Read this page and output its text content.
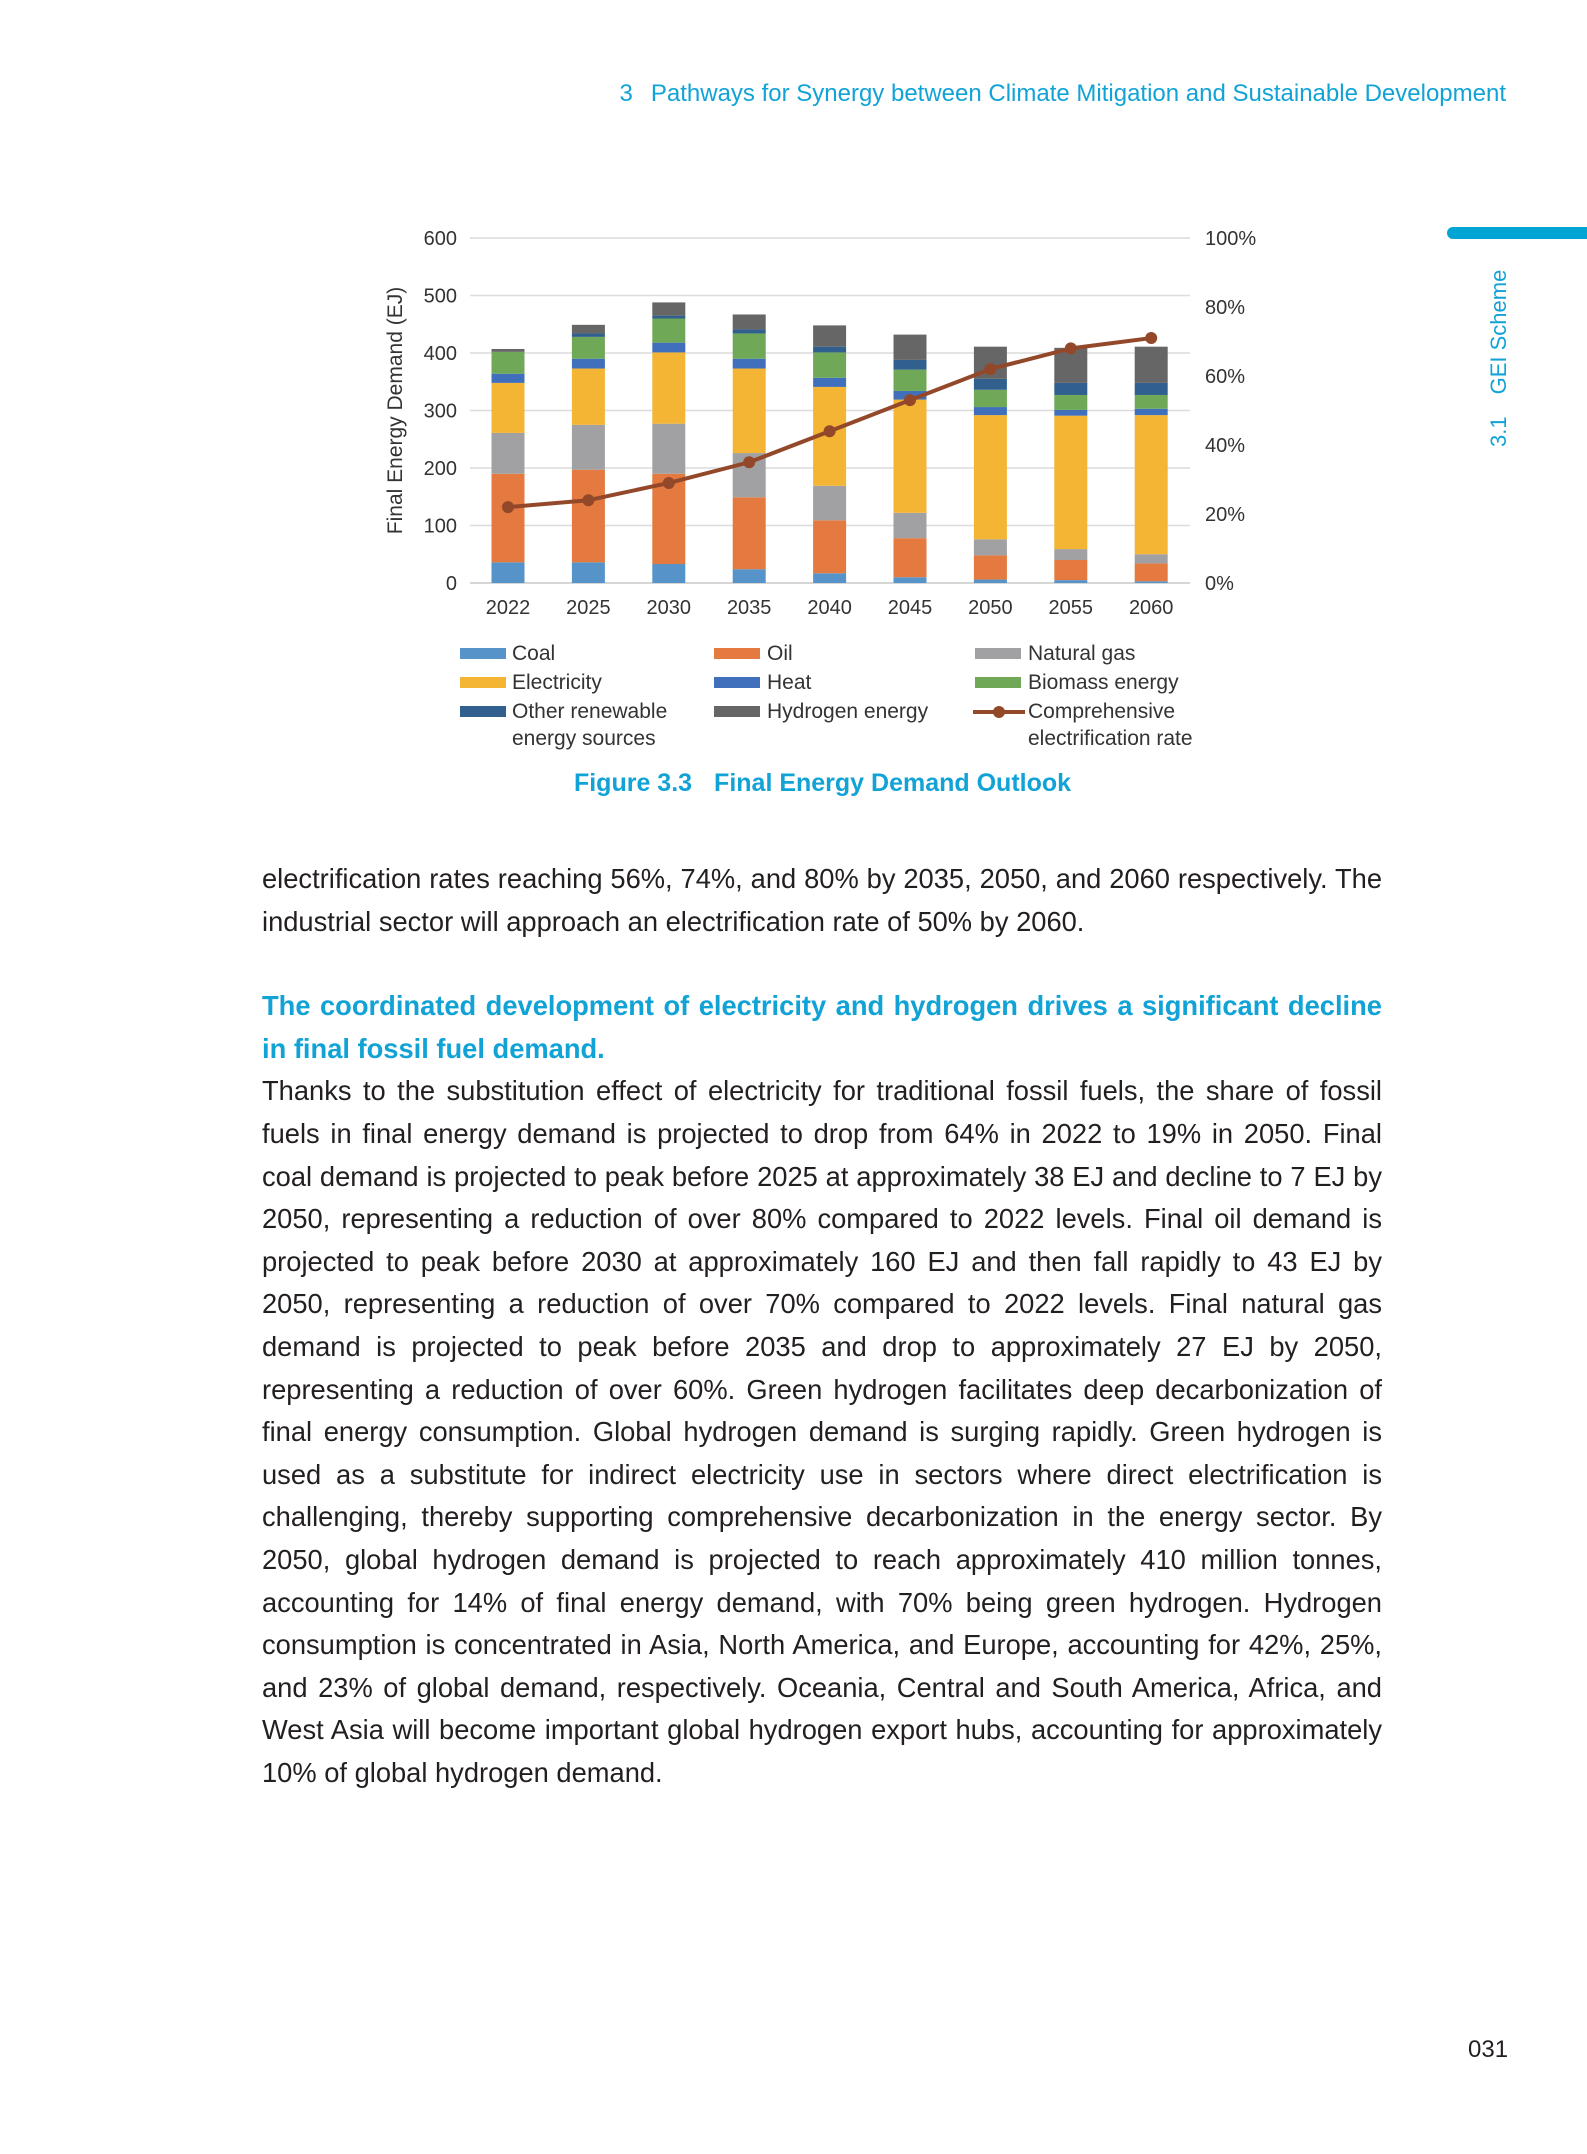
3 Pathways for Synergy between Climate Mitigation and Sustainable Development
3.1GEI Scheme
0
100
200
300
400
500
600
0%
20%
40%
60%
80%
100%
Final Energy Demand (EJ)
2022 2025 2030 2035 2040 2045 2050 2055 2060
Coal	Oil	Natural gas
Electricity	Heat	Biomass energy
Other renewable
energy sources
Hydrogen energy	Comprehensive
electrification rate
Figure 3.3 Final Energy Demand Outlook

electrification rates reaching 56%, 74%, and 80% by 2035, 2050, and 2060 respectively. The industrial sector will approach an electrification rate of 50% by 2060.

The coordinated development of electricity and hydrogen drives a significant decline in final fossil fuel demand.
Thanks to the substitution effect of electricity for traditional fossil fuels, the share of fossil fuels in final energy demand is projected to drop from 64% in 2022 to 19% in 2050. Final coal demand is projected to peak before 2025 at approximately 38 EJ and decline to 7 EJ by 2050, representing a reduction of over 80% compared to 2022 levels. Final oil demand is projected to peak before 2030 at approximately 160 EJ and then fall rapidly to 43 EJ by 2050, representing a reduction of over 70% compared to 2022 levels. Final natural gas demand is projected to peak before 2035 and drop to approximately 27 EJ by 2050, representing a reduction of over 60%. Green hydrogen facilitates deep decarbonization of final energy consumption. Global hydrogen demand is surging rapidly. Green hydrogen is used as a substitute for indirect electricity use in sectors where direct electrification is challenging, thereby supporting comprehensive decarbonization in the energy sector. By 2050, global hydrogen demand is projected to reach approximately 410 million tonnes, accounting for 14% of final energy demand, with 70% being green hydrogen. Hydrogen consumption is concentrated in Asia, North America, and Europe, accounting for 42%, 25%, and 23% of global demand, respectively. Oceania, Central and South America, Africa, and West Asia will become important global hydrogen export hubs, accounting for approximately 10% of global hydrogen demand.

031
